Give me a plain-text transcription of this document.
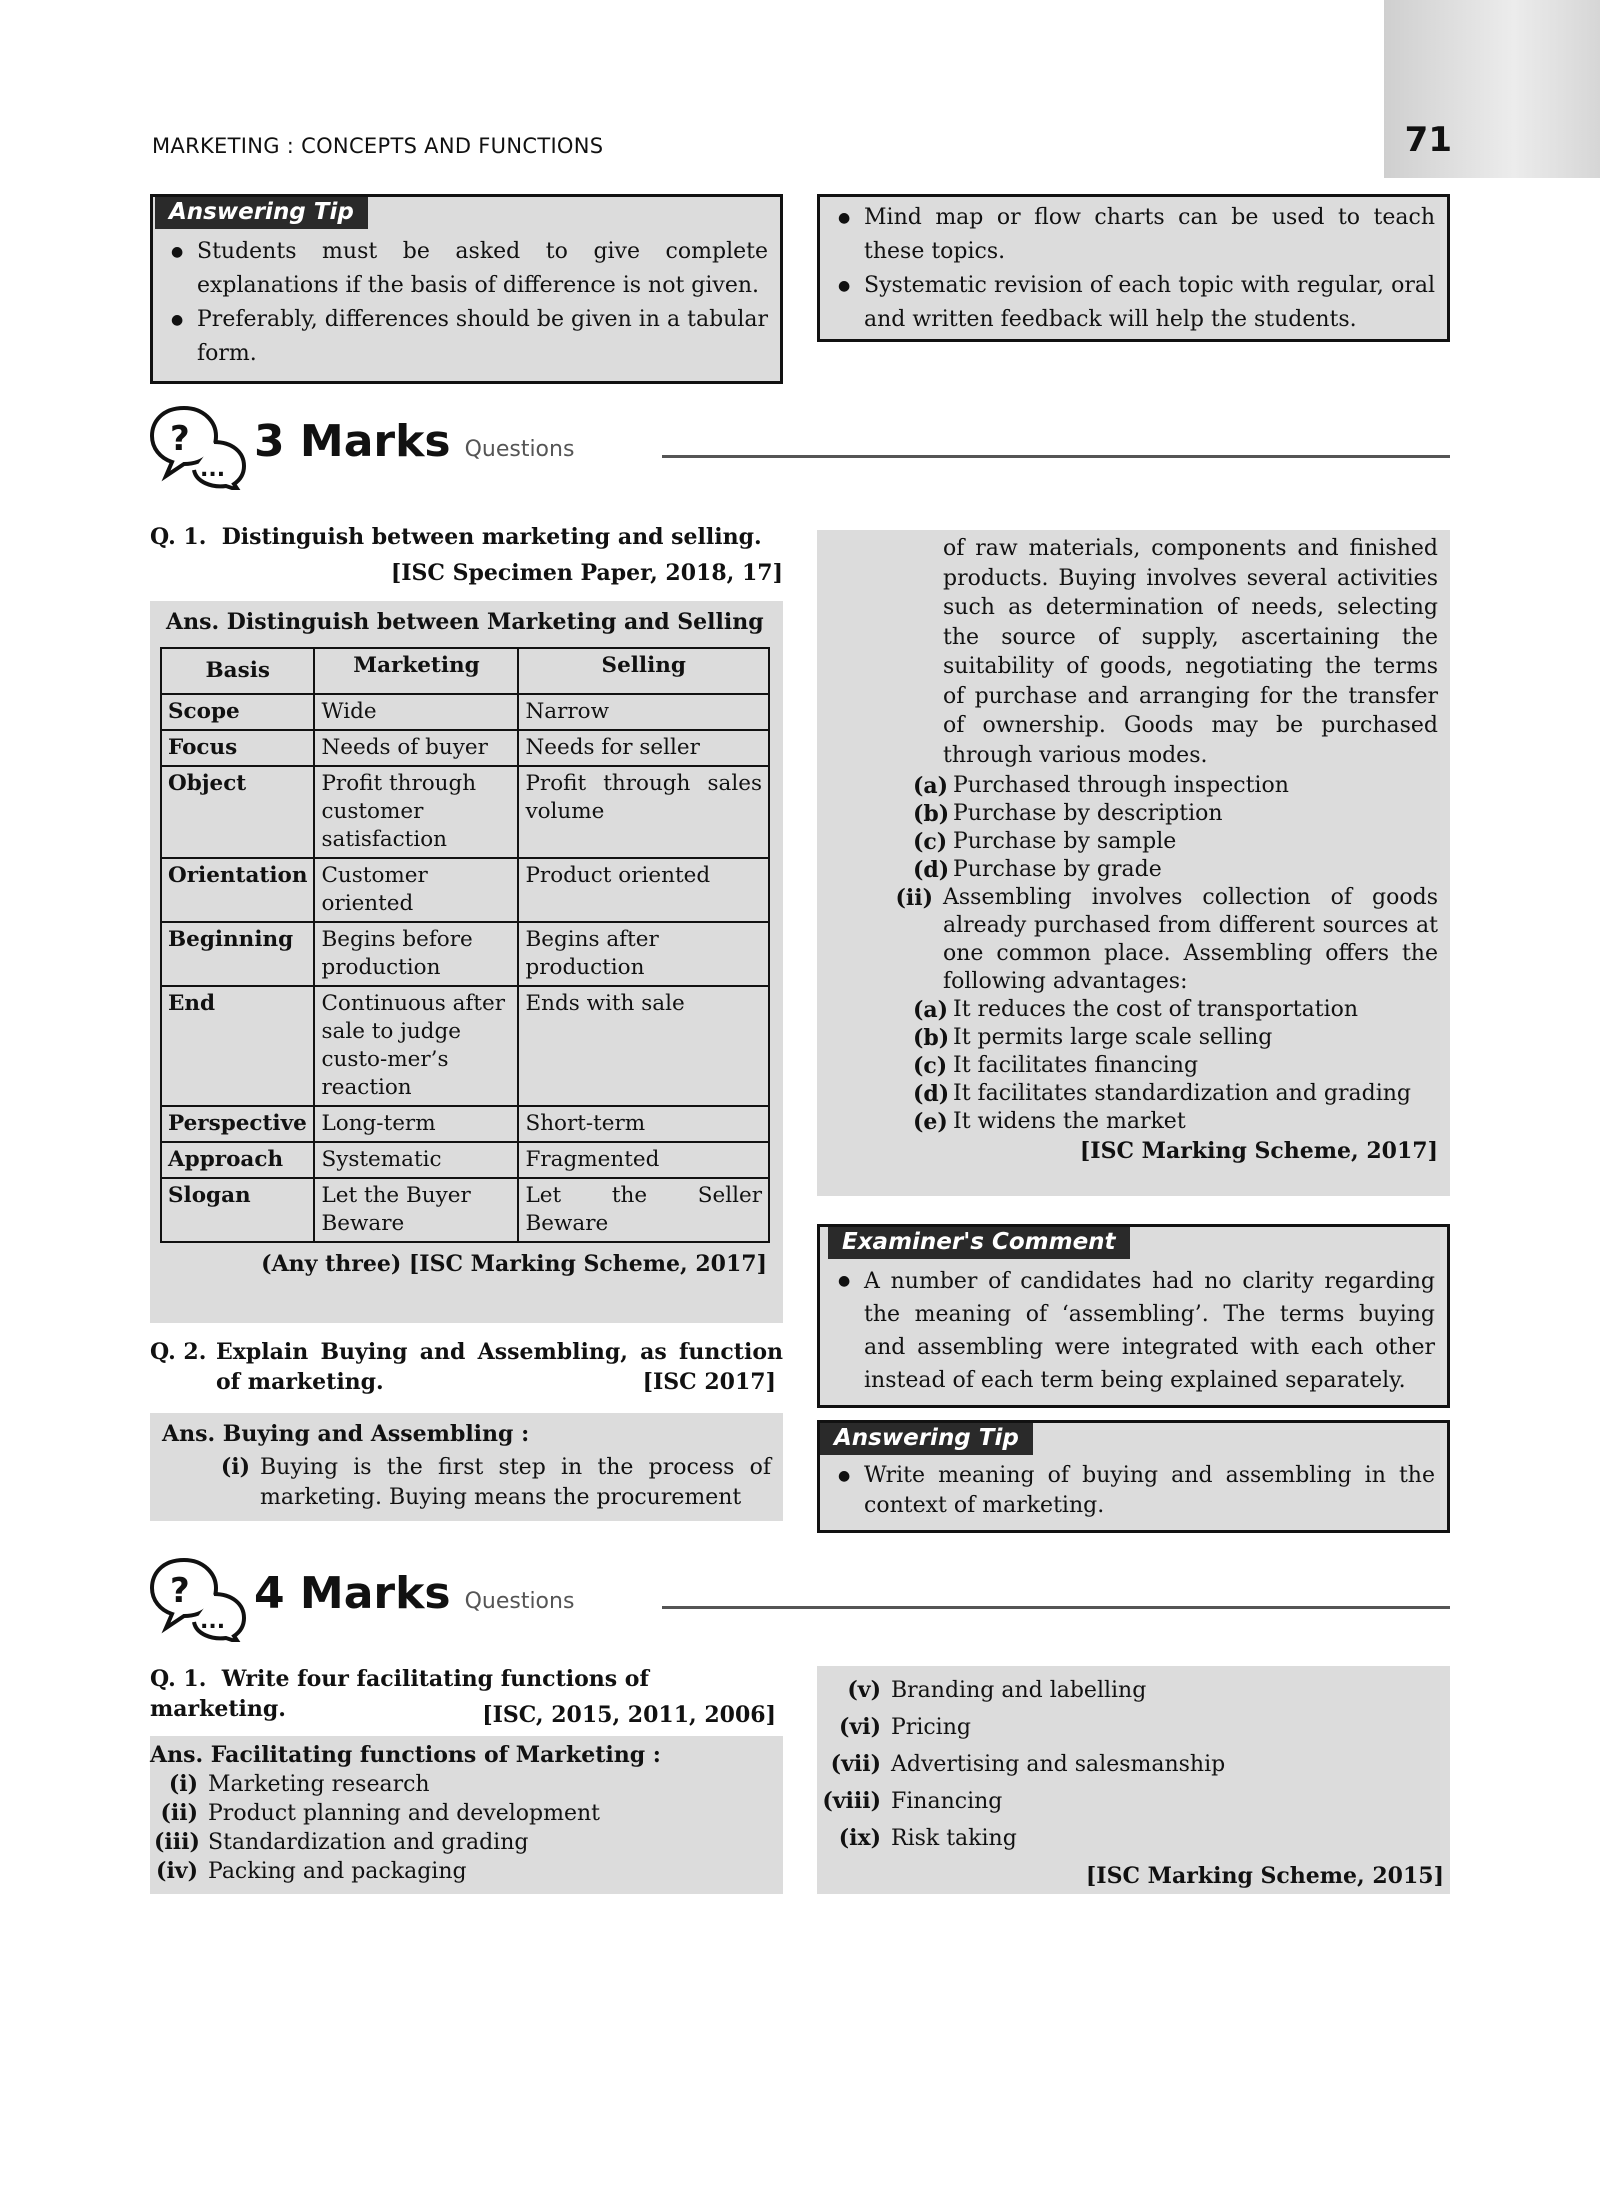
71
MARKETING : CONCEPTS AND FUNCTIONS
Answering Tip
● Students must be asked to give complete explanations if the basis of difference is not given.
● Preferably, differences should be given in a tabular form.
● Mind map or flow charts can be used to teach these topics.
● Systematic revision of each topic with regular, oral and written feedback will help the students.
?
...
3 Marks Questions
Q. 1. Distinguish between marketing and selling.
[ISC Specimen Paper, 2018, 17]
Ans. Distinguish between Marketing and Selling
Basis	Marketing	Selling
Scope	Wide	Narrow
Focus	Needs of buyer	Needs for seller
Object	Profit through customer satisfaction	Profit through sales volume
Orientation	Customer oriented	Product oriented
Beginning	Begins before production	Begins after production
End	Continuous after sale to judge custo-mer’s reaction	Ends with sale
Perspective	Long-term	Short-term
Approach	Systematic	Fragmented
Slogan	Let the Buyer Beware	Let the Seller Beware
(Any three) [ISC Marking Scheme, 2017]
Q. 2. Explain Buying and Assembling, as function of marketing.	[ISC 2017]
Ans. Buying and Assembling :
(i) Buying is the first step in the process of marketing. Buying means the procurement
of raw materials, components and finished products. Buying involves several activities such as determination of needs, selecting the source of supply, ascertaining the suitability of goods, negotiating the terms of purchase and arranging for the transfer of ownership. Goods may be purchased through various modes.
(a) Purchased through inspection
(b) Purchase by description
(c) Purchase by sample
(d) Purchase by grade
(ii) Assembling involves collection of goods already purchased from different sources at one common place. Assembling offers the following advantages:
(a) It reduces the cost of transportation
(b) It permits large scale selling
(c) It facilitates financing
(d) It facilitates standardization and grading
(e) It widens the market
[ISC Marking Scheme, 2017]
Examiner's Comment
● A number of candidates had no clarity regarding the meaning of ‘assembling’. The terms buying and assembling were integrated with each other instead of each term being explained separately.
Answering Tip
● Write meaning of buying and assembling in the context of marketing.
?
...
4 Marks Questions
Q. 1. Write four facilitating functions of marketing.	[ISC, 2015, 2011, 2006]
Ans. Facilitating functions of Marketing :
(i) Marketing research
(ii) Product planning and development
(iii) Standardization and grading
(iv) Packing and packaging
(v) Branding and labelling
(vi) Pricing
(vii) Advertising and salesmanship
(viii) Financing
(ix) Risk taking
[ISC Marking Scheme, 2015]
